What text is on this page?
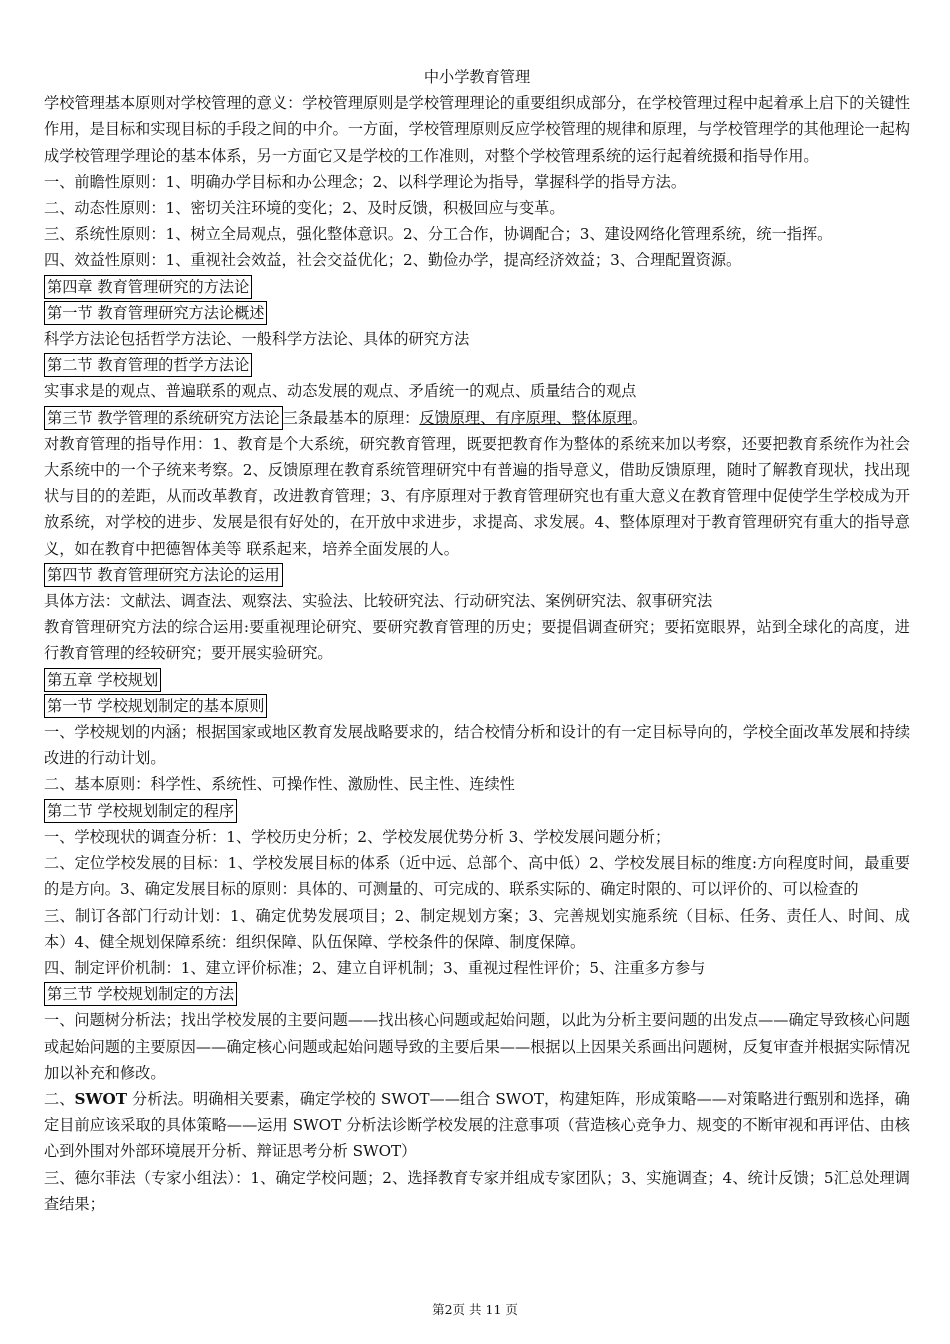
中小学教育管理

学校管理基本原则对学校管理的意义：学校管理原则是学校管理理论的重要组织成部分，在学校管理过程中起着承上启下的关键性作用，是目标和实现目标的手段之间的中介。一方面，学校管理原则反应学校管理的规律和原理，与学校管理学的其他理论一起构成学校管理学理论的基本体系，另一方面它又是学校的工作准则，对整个学校管理系统的运行起着统摄和指导作用。

一、前瞻性原则：1、明确办学目标和办公理念；2、以科学理论为指导，掌握科学的指导方法。

二、动态性原则：1、密切关注环境的变化；2、及时反馈，积极回应与变革。

三、系统性原则：1、树立全局观点，强化整体意识。2、分工合作，协调配合；3、建设网络化管理系统，统一指挥。

四、效益性原则：1、重视社会效益，社会交益优化；2、勤俭办学，提高经济效益；3、合理配置资源。

第四章 教育管理研究的方法论
第一节 教育管理研究方法论概述

科学方法论包括哲学方法论、一般科学方法论、具体的研究方法

第二节 教育管理的哲学方法论

实事求是的观点、普遍联系的观点、动态发展的观点、矛盾统一的观点、质量结合的观点

第三节 教学管理的系统研究方法论 三条最基本的原理：反馈原理、有序原理、整体原理。

对教育管理的指导作用：1、教育是个大系统，研究教育管理，既要把教育作为整体的系统来加以考察，还要把教育系统作为社会大系统中的一个子统来考察。2、反馈原理在教育系统管理研究中有普遍的指导意义，借助反馈原理，随时了解教育现状，找出现状与目的的差距，从而改革教育，改进教育管理；3、有序原理对于教育管理研究也有重大意义在教育管理中促使学生学校成为开放系统，对学校的进步、发展是很有好处的，在开放中求进步，求提高、求发展。4、整体原理对于教育管理研究有重大的指导意义，如在教育中把德智体美等 联系起来，培养全面发展的人。

第四节 教育管理研究方法论的运用

具体方法：文献法、调查法、观察法、实验法、比较研究法、行动研究法、案例研究法、叙事研究法

教育管理研究方法的综合运用:要重视理论研究、要研究教育管理的历史；要提倡调查研究；要拓宽眼界，站到全球化的高度，进行教育管理的经较研究；要开展实验研究。

第五章 学校规划
第一节 学校规划制定的基本原则

一、学校规划的内涵；根据国家或地区教育发展战略要求的，结合校情分析和设计的有一定目标导向的，学校全面改革发展和持续改进的行动计划。

二、基本原则：科学性、系统性、可操作性、激励性、民主性、连续性

第二节 学校规划制定的程序

一、学校现状的调查分析：1、学校历史分析；2、学校发展优势分析 3、学校发展问题分析；

二、定位学校发展的目标：1、学校发展目标的体系（近中远、总部个、高中低）2、学校发展目标的维度:方向程度时间，最重要的是方向。3、确定发展目标的原则：具体的、可测量的、可完成的、联系实际的、确定时限的、可以评价的、可以检查的

三、制订各部门行动计划：1、确定优势发展项目；2、制定规划方案；3、完善规划实施系统（目标、任务、责任人、时间、成本）4、健全规划保障系统：组织保障、队伍保障、学校条件的保障、制度保障。

四、制定评价机制：1、建立评价标准；2、建立自评机制；3、重视过程性评价；5、注重多方参与

第三节 学校规划制定的方法

一、问题树分析法；找出学校发展的主要问题——找出核心问题或起始问题，以此为分析主要问题的出发点——确定导致核心问题或起始问题的主要原因——确定核心问题或起始问题导致的主要后果——根据以上因果关系画出问题树，反复审查并根据实际情况加以补充和修改。

二、SWOT 分析法。明确相关要素，确定学校的 SWOT——组合 SWOT，构建矩阵，形成策略——对策略进行甄别和选择，确定目前应该采取的具体策略——运用 SWOT 分析法诊断学校发展的注意事项（营造核心竞争力、规变的不断审视和再评估、由核心到外围对外部环境展开分析、辩证思考分析 SWOT）

三、德尔菲法（专家小组法）：1、确定学校问题；2、选择教育专家并组成专家团队；3、实施调查；4、统计反馈；5汇总处理调查结果；

第2页 共 11 页
